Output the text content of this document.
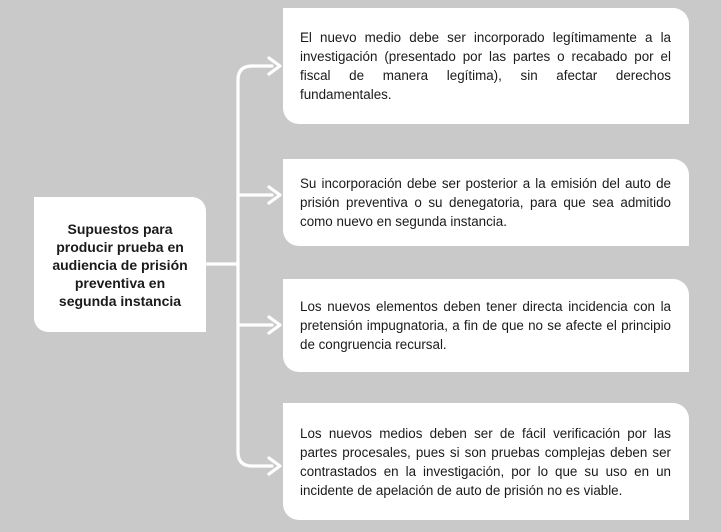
Supuestos para producir prueba en audiencia de prisión preventiva en segunda instancia
El nuevo medio debe ser incorporado legítimamente a la investigación (presentado por las partes o recabado por el fiscal de manera legítima), sin afectar derechos fundamentales.
Su incorporación debe ser posterior a la emisión del auto de prisión preventiva o su denegatoria, para que sea admitido como nuevo en segunda instancia.
Los nuevos elementos deben tener directa incidencia con la pretensión impugnatoria, a fin de que no se afecte el principio de congruencia recursal.
Los nuevos medios deben ser de fácil verificación por las partes procesales, pues si son pruebas complejas deben ser contrastados en la investigación, por lo que su uso en un incidente de apelación de auto de prisión no es viable.
